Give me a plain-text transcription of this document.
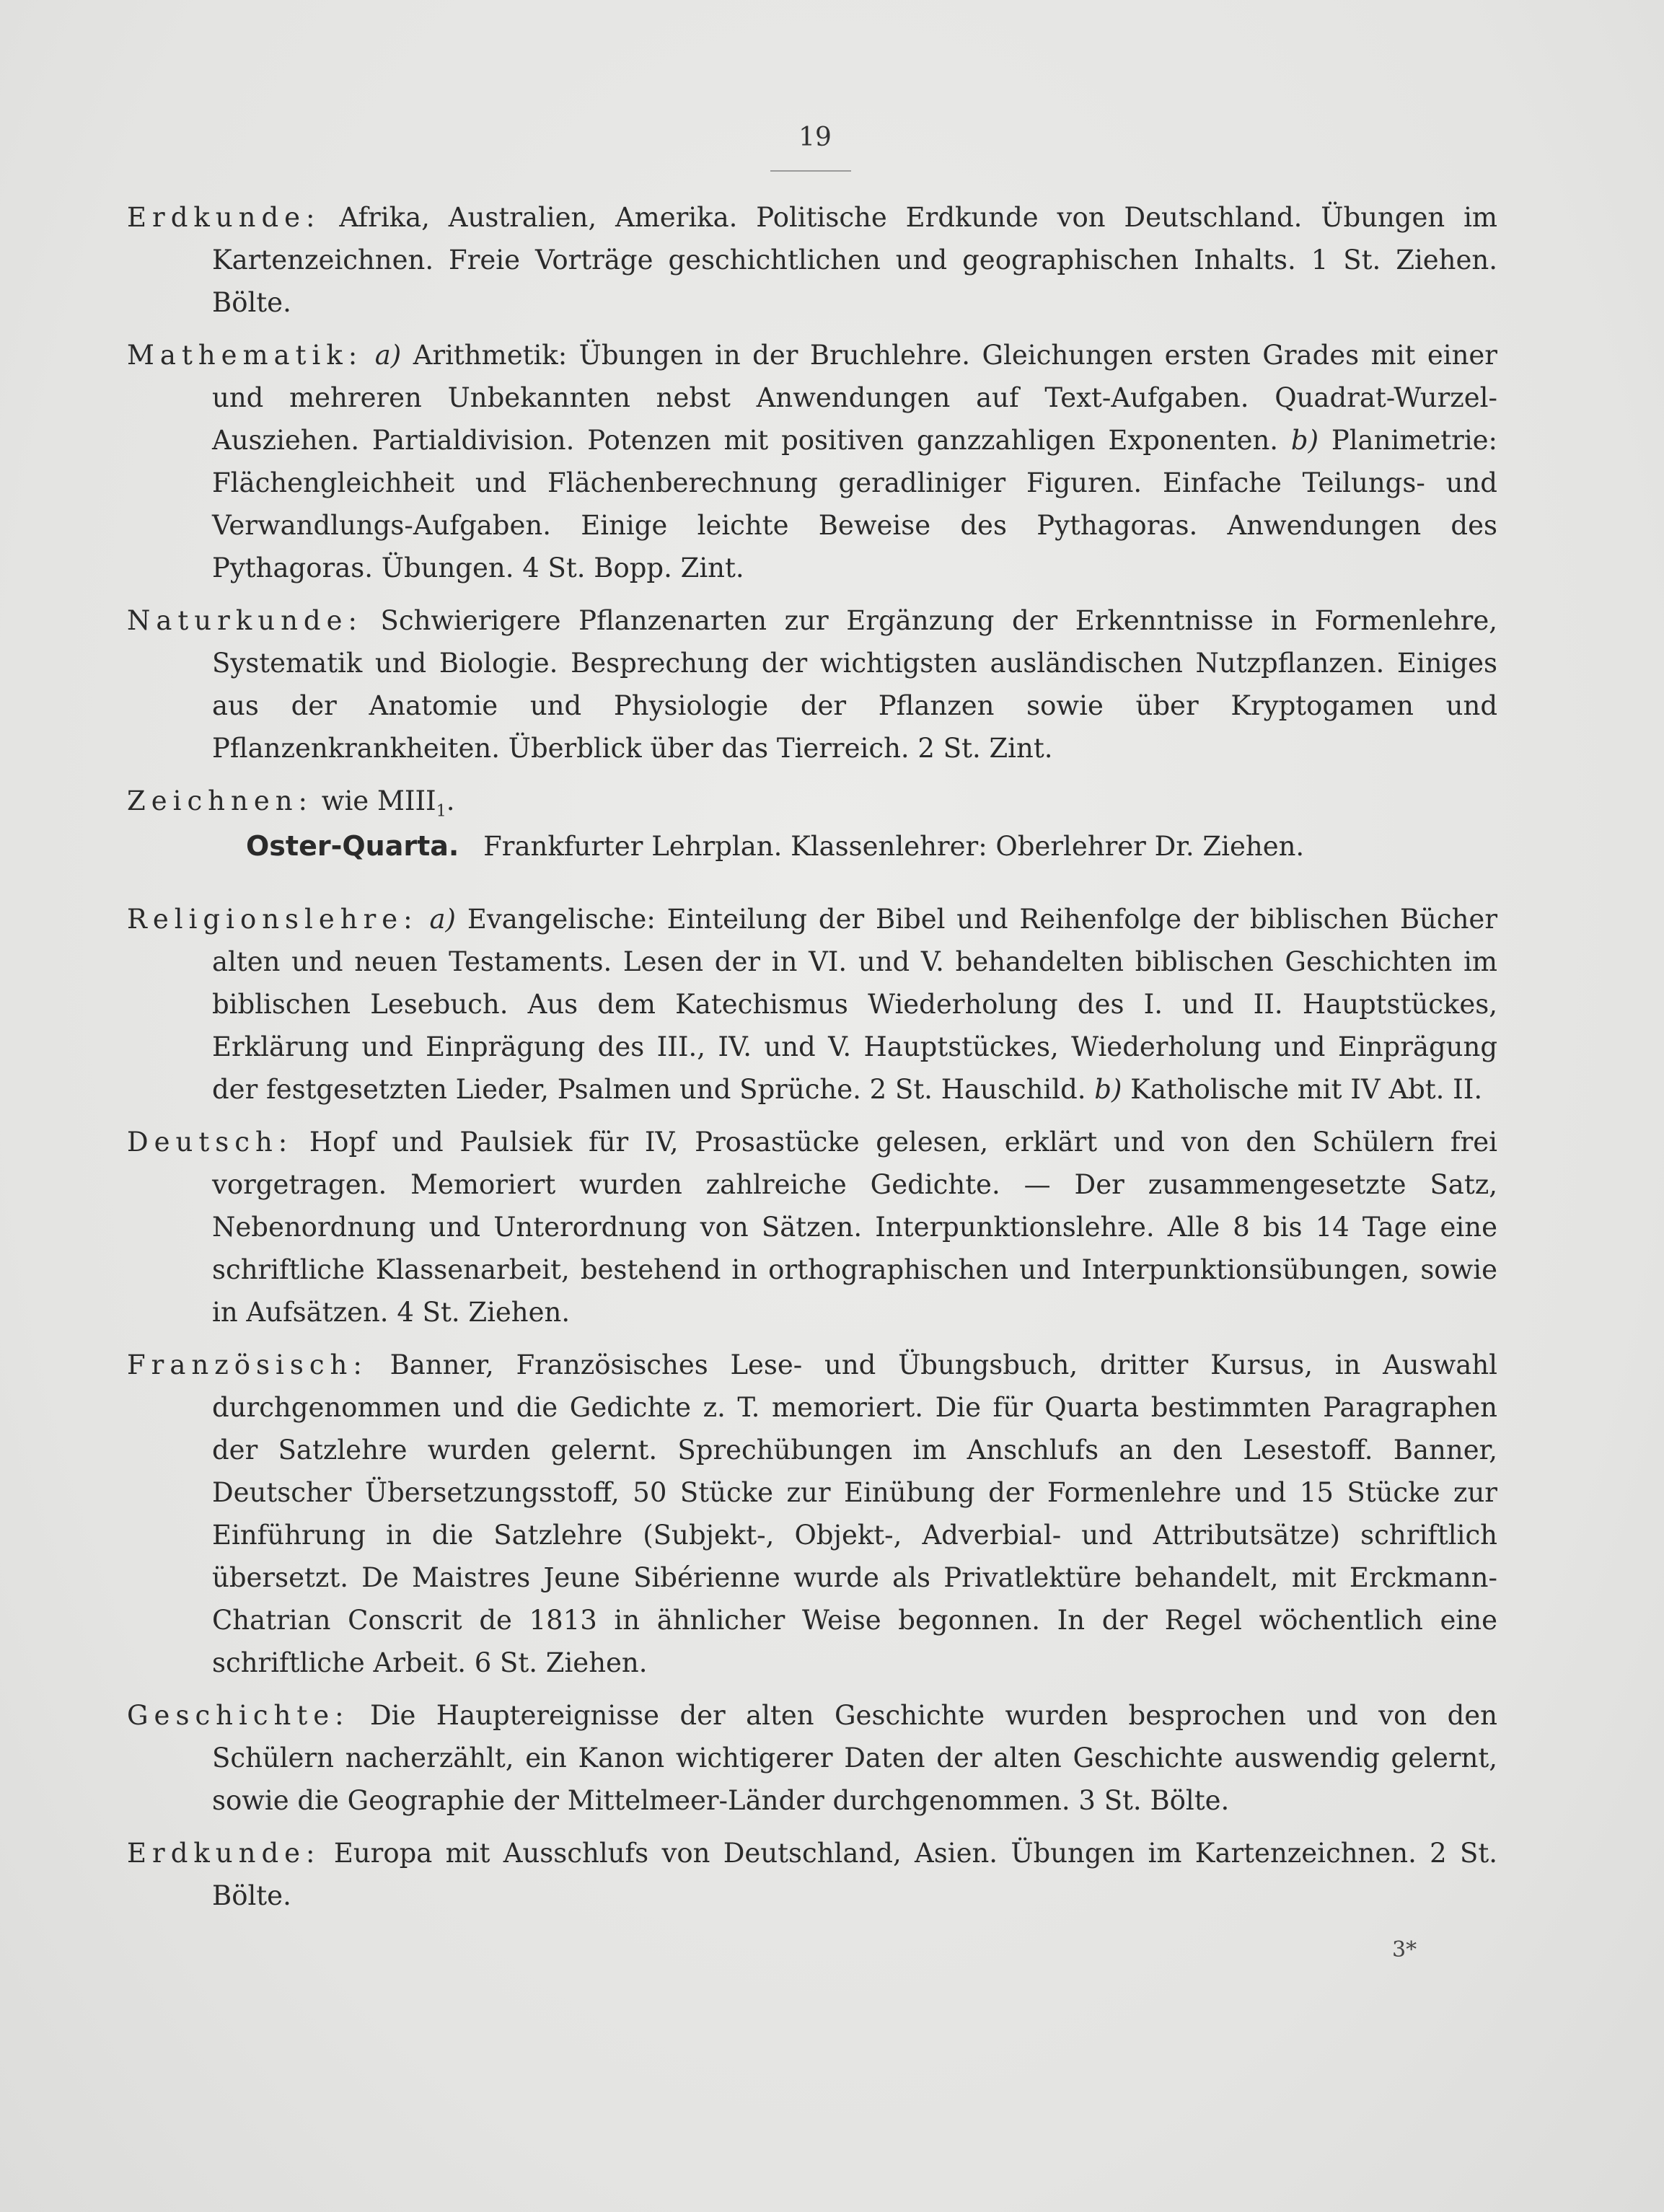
19

Erdkunde: Afrika, Australien, Amerika. Politische Erdkunde von Deutschland. Übungen im Kartenzeichnen. Freie Vorträge geschichtlichen und geographischen Inhalts. 1 St. Ziehen. Bölte.

Mathematik: a) Arithmetik: Übungen in der Bruchlehre. Gleichungen ersten Grades mit einer und mehreren Unbekannten nebst Anwendungen auf Text-Aufgaben. Quadrat-Wurzel-Ausziehen. Partialdivision. Potenzen mit positiven ganzzahligen Exponenten. b) Planimetrie: Flächengleichheit und Flächenberechnung geradliniger Figuren. Einfache Teilungs- und Verwandlungs-Aufgaben. Einige leichte Beweise des Pythagoras. Anwendungen des Pythagoras. Übungen. 4 St. Bopp. Zint.

Naturkunde: Schwierigere Pflanzenarten zur Ergänzung der Erkenntnisse in Formenlehre, Systematik und Biologie. Besprechung der wichtigsten ausländischen Nutzpflanzen. Einiges aus der Anatomie und Physiologie der Pflanzen sowie über Kryptogamen und Pflanzenkrankheiten. Überblick über das Tierreich. 2 St. Zint.

Zeichnen: wie $MIII_1$.

Oster-Quarta. Frankfurter Lehrplan. Klassenlehrer: Oberlehrer Dr. Ziehen.

Religionslehre: a) Evangelische: Einteilung der Bibel und Reihenfolge der biblischen Bücher alten und neuen Testaments. Lesen der in VI. und V. behandelten biblischen Geschichten im biblischen Lesebuch. Aus dem Katechismus Wiederholung des I. und II. Hauptstückes, Erklärung und Einprägung des III., IV. und V. Hauptstückes, Wiederholung und Einprägung der festgesetzten Lieder, Psalmen und Sprüche. 2 St. Hauschild. b) Katholische mit IV Abt. II.

Deutsch: Hopf und Paulsiek für IV, Prosastücke gelesen, erklärt und von den Schülern frei vorgetragen. Memoriert wurden zahlreiche Gedichte. — Der zusammengesetzte Satz, Nebenordnung und Unterordnung von Sätzen. Interpunktionslehre. Alle 8 bis 14 Tage eine schriftliche Klassenarbeit, bestehend in orthographischen und Interpunktionsübungen, sowie in Aufsätzen. 4 St. Ziehen.

Französisch: Banner, Französisches Lese- und Übungsbuch, dritter Kursus, in Auswahl durchgenommen und die Gedichte z. T. memoriert. Die für Quarta bestimmten Paragraphen der Satzlehre wurden gelernt. Sprechübungen im Anschlufs an den Lesestoff. Banner, Deutscher Übersetzungsstoff, 50 Stücke zur Einübung der Formenlehre und 15 Stücke zur Einführung in die Satzlehre (Subjekt-, Objekt-, Adverbial- und Attributsätze) schriftlich übersetzt. De Maistres Jeune Sibérienne wurde als Privatlektüre behandelt, mit Erckmann-Chatrian Conscrit de 1813 in ähnlicher Weise begonnen. In der Regel wöchentlich eine schriftliche Arbeit. 6 St. Ziehen.

Geschichte: Die Hauptereignisse der alten Geschichte wurden besprochen und von den Schülern nacherzählt, ein Kanon wichtigerer Daten der alten Geschichte auswendig gelernt, sowie die Geographie der Mittelmeer-Länder durchgenommen. 3 St. Bölte.

Erdkunde: Europa mit Ausschlufs von Deutschland, Asien. Übungen im Kartenzeichnen. 2 St. Bölte.

3*
